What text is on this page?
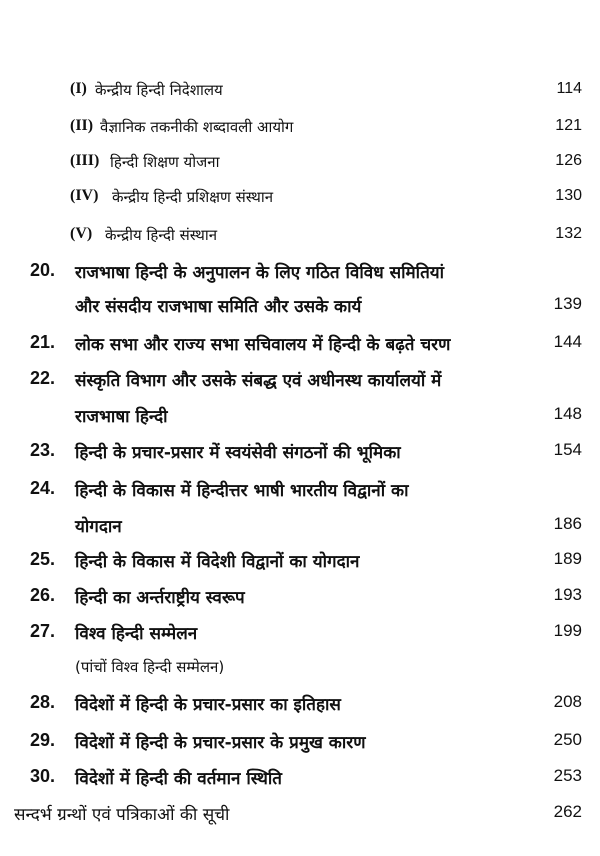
(I) केन्द्रीय हिन्दी निदेशालय	114
(II) वैज्ञानिक तकनीकी शब्दावली आयोग	121
(III) हिन्दी शिक्षण योजना	126
(IV) केन्द्रीय हिन्दी प्रशिक्षण संस्थान	130
(V) केन्द्रीय हिन्दी संस्थान	132
20. राजभाषा हिन्दी के अनुपालन के लिए गठित विविध समितियां
और संसदीय राजभाषा समिति और उसके कार्य	139
21. लोक सभा और राज्य सभा सचिवालय में हिन्दी के बढ़ते चरण	144
22. संस्कृति विभाग और उसके संबद्ध एवं अधीनस्थ कार्यालयों में
राजभाषा हिन्दी	148
23. हिन्दी के प्रचार-प्रसार में स्वयंसेवी संगठनों की भूमिका	154
24. हिन्दी के विकास में हिन्दीत्तर भाषी भारतीय विद्वानों का
योगदान	186
25. हिन्दी के विकास में विदेशी विद्वानों का योगदान	189
26. हिन्दी का अर्न्तराष्ट्रीय स्वरूप	193
27. विश्व हिन्दी सम्मेलन	199
(पांचों विश्व हिन्दी सम्मेलन)
28. विदेशों में हिन्दी के प्रचार-प्रसार का इतिहास	208
29. विदेशों में हिन्दी के प्रचार-प्रसार के प्रमुख कारण	250
30. विदेशों में हिन्दी की वर्तमान स्थिति	253
सन्दर्भ ग्रन्थों एवं पत्रिकाओं की सूची	262
